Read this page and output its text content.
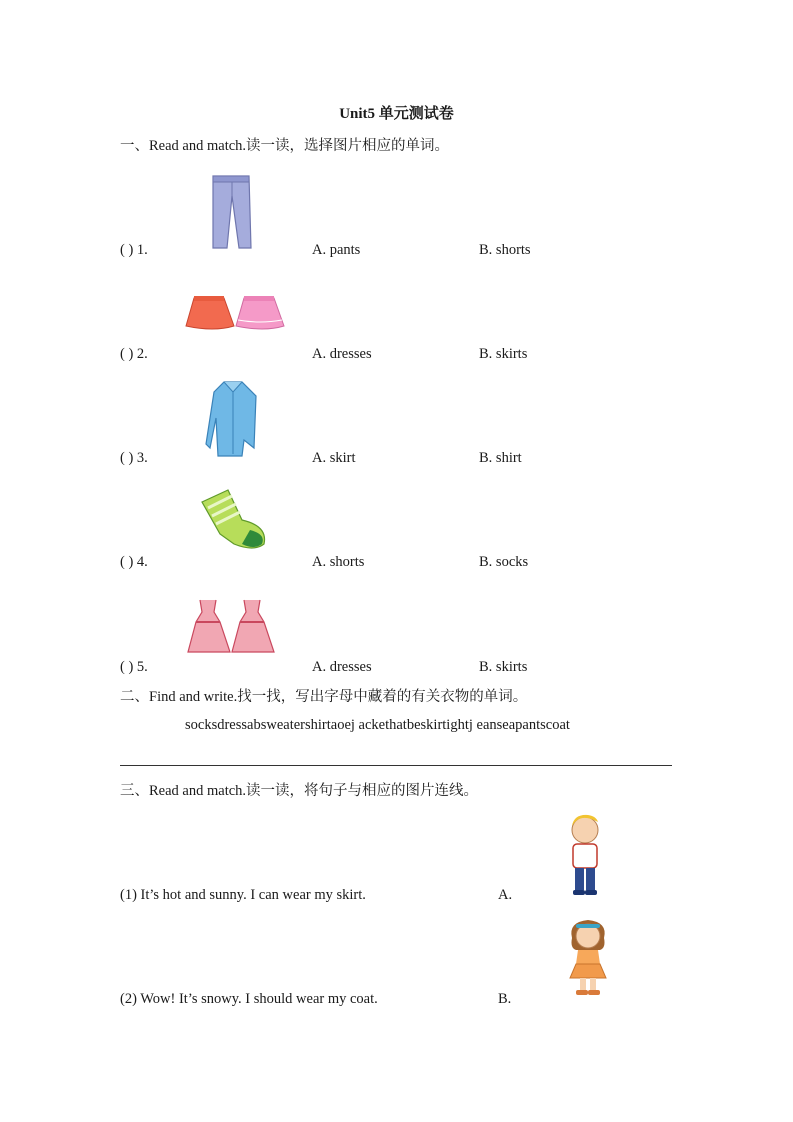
Unit5 单元测试卷
一、Read and match.读一读，选择图片相应的单词。
( ) 1.	A. pants	B. shorts
( ) 2.	A. dresses	B. skirts
( ) 3.	A. skirt	B. shirt
( ) 4.	A. shorts	B. socks
( ) 5.	A. dresses	B. skirts
二、Find and write.找一找，写出字母中藏着的有关衣物的单词。
socksdressabsweatershirtaoej ackethatbeskirtightj eanseapantscoat
三、Read and match.读一读，将句子与相应的图片连线。
(1) It’s hot and sunny. I can wear my skirt.	A.
(2) Wow! It’s snowy. I should wear my coat.	B.
